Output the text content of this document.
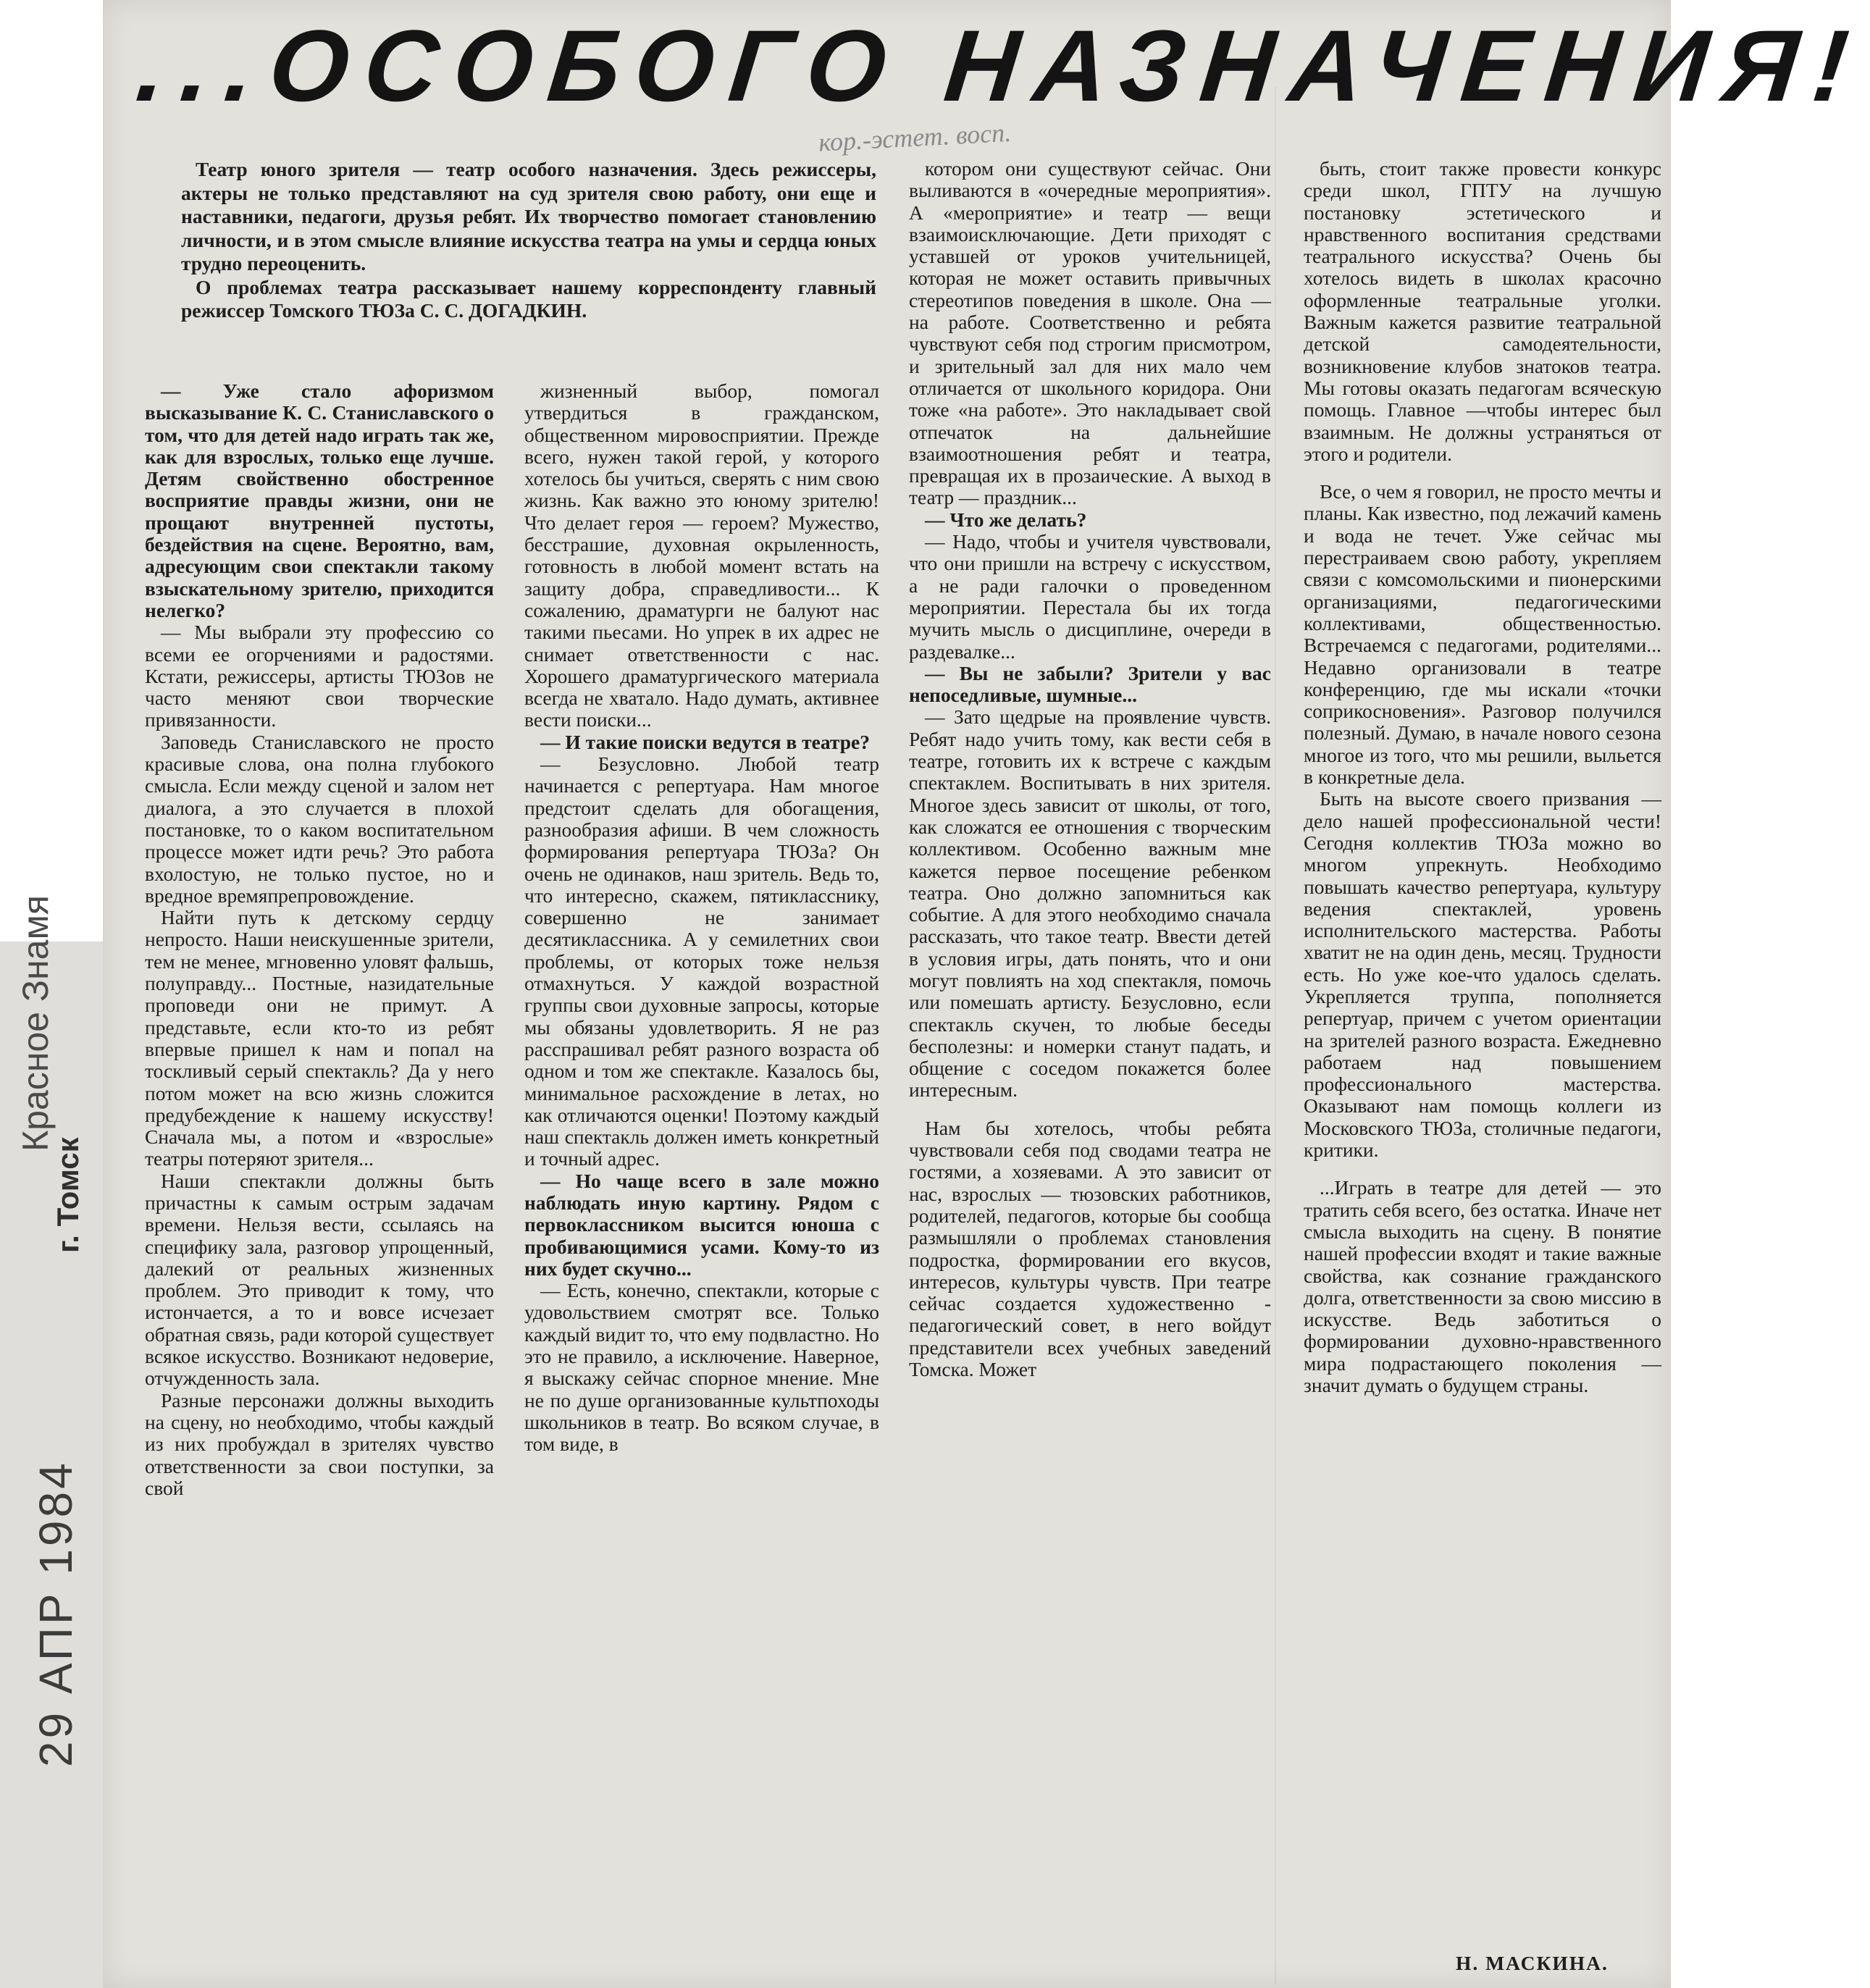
...ОСОБОГО НАЗНАЧЕНИЯ!
кор.-эстет. восп.

Театр юного зрителя — театр особого назначения. Здесь режиссеры, актеры не только представляют на суд зрителя свою работу, они еще и наставники, педагоги, друзья ребят. Их творчество помогает становлению личности, и в этом смысле влияние искусства театра на умы и сердца юных трудно переоценить.

О проблемах театра рассказывает нашему корреспонденту главный режиссер Томского ТЮЗа С. С. ДОГАДКИН.

— Уже стало афоризмом высказывание К. С. Станиславского о том, что для детей надо играть так же, как для взрослых, только еще лучше. Детям свойственно обостренное восприятие правды жизни, они не прощают внутренней пустоты, бездействия на сцене. Вероятно, вам, адресующим свои спектакли такому взыскательному зрителю, приходится нелегко?

— Мы выбрали эту профессию со всеми ее огорчениями и радостями. Кстати, режиссеры, артисты ТЮЗов не часто меняют свои творческие привязанности.

Заповедь Станиславского не просто красивые слова, она полна глубокого смысла. Если между сценой и залом нет диалога, а это случается в плохой постановке, то о каком воспитательном процессе может идти речь? Это работа вхолостую, не только пустое, но и вредное времяпрепровождение.

Найти путь к детскому сердцу непросто. Наши неискушенные зрители, тем не менее, мгновенно уловят фальшь, полуправду... Постные, назидательные проповеди они не примут. А представьте, если кто-то из ребят впервые пришел к нам и попал на тоскливый серый спектакль? Да у него потом может на всю жизнь сложится предубеждение к нашему искусству! Сначала мы, а потом и «взрослые» театры потеряют зрителя...

Наши спектакли должны быть причастны к самым острым задачам времени. Нельзя вести, ссылаясь на специфику зала, разговор упрощенный, далекий от реальных жизненных проблем. Это приводит к тому, что истончается, а то и вовсе исчезает обратная связь, ради которой существует всякое искусство. Возникают недоверие, отчужденность зала.

Разные персонажи должны выходить на сцену, но необходимо, чтобы каждый из них пробуждал в зрителях чувство ответственности за свои поступки, за свой

жизненный выбор, помогал утвердиться в гражданском, общественном мировосприятии. Прежде всего, нужен такой герой, у которого хотелось бы учиться, сверять с ним свою жизнь. Как важно это юному зрителю! Что делает героя — героем? Мужество, бесстрашие, духовная окрыленность, готовность в любой момент встать на защиту добра, справедливости... К сожалению, драматурги не балуют нас такими пьесами. Но упрек в их адрес не снимает ответственности с нас. Хорошего драматургического материала всегда не хватало. Надо думать, активнее вести поиски...

— И такие поиски ведутся в театре?

— Безусловно. Любой театр начинается с репертуара. Нам многое предстоит сделать для обогащения, разнообразия афиши. В чем сложность формирования репертуара ТЮЗа? Он очень не одинаков, наш зритель. Ведь то, что интересно, скажем, пятикласснику, совершенно не занимает десятиклассника. А у семилетних свои проблемы, от которых тоже нельзя отмахнуться. У каждой возрастной группы свои духовные запросы, которые мы обязаны удовлетворить. Я не раз расспрашивал ребят разного возраста об одном и том же спектакле. Казалось бы, минимальное расхождение в летах, но как отличаются оценки! Поэтому каждый наш спектакль должен иметь конкретный и точный адрес.

— Но чаще всего в зале можно наблюдать иную картину. Рядом с первоклассником высится юноша с пробивающимися усами. Кому-то из них будет скучно...

— Есть, конечно, спектакли, которые с удовольствием смотрят все. Только каждый видит то, что ему подвластно. Но это не правило, а исключение. Наверное, я выскажу сейчас спорное мнение. Мне не по душе организованные культпоходы школьников в театр. Во всяком случае, в том виде, в

котором они существуют сейчас. Они выливаются в «очередные мероприятия». А «мероприятие» и театр — вещи взаимоисключающие. Дети приходят с уставшей от уроков учительницей, которая не может оставить привычных стереотипов поведения в школе. Она — на работе. Соответственно и ребята чувствуют себя под строгим присмотром, и зрительный зал для них мало чем отличается от школьного коридора. Они тоже «на работе». Это накладывает свой отпечаток на дальнейшие взаимоотношения ребят и театра, превращая их в прозаические. А выход в театр — праздник...

— Что же делать?

— Надо, чтобы и учителя чувствовали, что они пришли на встречу с искусством, а не ради галочки о проведенном мероприятии. Перестала бы их тогда мучить мысль о дисциплине, очереди в раздевалке...

— Вы не забыли? Зрители у вас непоседливые, шумные...

— Зато щедрые на проявление чувств. Ребят надо учить тому, как вести себя в театре, готовить их к встрече с каждым спектаклем. Воспитывать в них зрителя. Многое здесь зависит от школы, от того, как сложатся ее отношения с творческим коллективом. Особенно важным мне кажется первое посещение ребенком театра. Оно должно запомниться как событие. А для этого необходимо сначала рассказать, что такое театр. Ввести детей в условия игры, дать понять, что и они могут повлиять на ход спектакля, помочь или помешать артисту. Безусловно, если спектакль скучен, то любые беседы бесполезны: и номерки станут падать, и общение с соседом покажется более интересным.

Нам бы хотелось, чтобы ребята чувствовали себя под сводами театра не гостями, а хозяевами. А это зависит от нас, взрослых — тюзовских работников, родителей, педагогов, которые бы сообща размышляли о проблемах становления подростка, формировании его вкусов, интересов, культуры чувств. При театре сейчас создается художественно - педагогический совет, в него войдут представители всех учебных заведений Томска. Может

быть, стоит также провести конкурс среди школ, ГПТУ на лучшую постановку эстетического и нравственного воспитания средствами театрального искусства? Очень бы хотелось видеть в школах красочно оформленные театральные уголки. Важным кажется развитие театральной детской самодеятельности, возникновение клубов знатоков театра. Мы готовы оказать педагогам всяческую помощь. Главное —чтобы интерес был взаимным. Не должны устраняться от этого и родители.

Все, о чем я говорил, не просто мечты и планы. Как известно, под лежачий камень и вода не течет. Уже сейчас мы перестраиваем свою работу, укрепляем связи с комсомольскими и пионерскими организациями, педагогическими коллективами, общественностью. Встречаемся с педагогами, родителями... Недавно организовали в театре конференцию, где мы искали «точки соприкосновения». Разговор получился полезный. Думаю, в начале нового сезона многое из того, что мы решили, выльется в конкретные дела.

Быть на высоте своего призвания — дело нашей профессиональной чести! Сегодня коллектив ТЮЗа можно во многом упрекнуть. Необходимо повышать качество репертуара, культуру ведения спектаклей, уровень исполнительского мастерства. Работы хватит не на один день, месяц. Трудности есть. Но уже кое-что удалось сделать. Укрепляется труппа, пополняется репертуар, причем с учетом ориентации на зрителей разного возраста. Ежедневно работаем над повышением профессионального мастерства. Оказывают нам помощь коллеги из Московского ТЮЗа, столичные педагоги, критики.

...Играть в театре для детей — это тратить себя всего, без остатка. Иначе нет смысла выходить на сцену. В понятие нашей профессии входят и такие важные свойства, как сознание гражданского долга, ответственности за свою миссию в искусстве. Ведь заботиться о формировании духовно-нравственного мира подрастающего поколения — значит думать о будущем страны.

Н. МАСКИНА.
29 АПР 1984
Красное Знамя
г. Томск
